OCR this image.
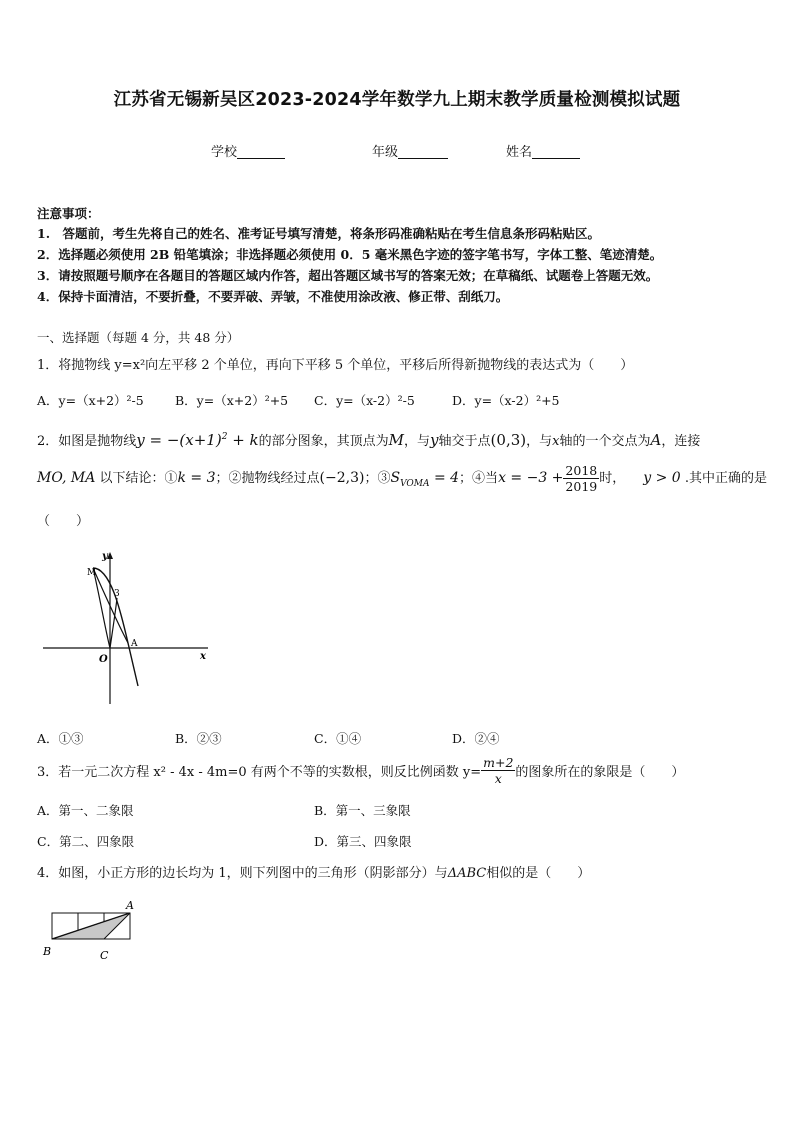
江苏省无锡新吴区2023-2024学年数学九上期末教学质量检测模拟试题
学校	年级	姓名
注意事项：
1.　答题前，考生先将自己的姓名、准考证号填写清楚，将条形码准确粘贴在考生信息条形码粘贴区。
2．选择题必须使用 2B 铅笔填涂；非选择题必须使用 0．5 毫米黑色字迹的签字笔书写，字体工整、笔迹清楚。
3．请按照题号顺序在各题目的答题区域内作答，超出答题区域书写的答案无效；在草稿纸、试题卷上答题无效。
4．保持卡面清洁，不要折叠，不要弄破、弄皱，不准使用涂改液、修正带、刮纸刀。
一、选择题（每题 4 分，共 48 分）
1．将抛物线 y=x²向左平移 2 个单位，再向下平移 5 个单位，平移后所得新抛物线的表达式为（　　）
A．y=（x+2）²-5	B．y=（x+2）²+5 C．y=（x-2）²-5	D．y=（x-2）²+5
2．如图是抛物线$y = -(x+1)^2 + k$的部分图象，其顶点为M，与y轴交于点(0,3)，与x轴的一个交点为A，连接
MO, MA 以下结论：①k = 3；②抛物线经过点(−2,3)；$③S_{VOMA} = 4$；④当$x = -3 + \frac{2018}{2019}$ 时， y > 0 .其中正确的是
（　　）
y
x
M
3
A
O
A．①③	B．②③	C．①④	D．②④
3．若一元二次方程 x² - 4x - 4m=0 有两个不等的实数根，则反比例函数 $y= \frac{m+2}{x}$ 的图象所在的象限是（　　）
A．第一、二象限	B．第一、三象限
C．第二、四象限	D．第三、四象限
4．如图，小正方形的边长均为 1，则下列图中的三角形（阴影部分）与ΔABC相似的是（　　）
A
B	C
